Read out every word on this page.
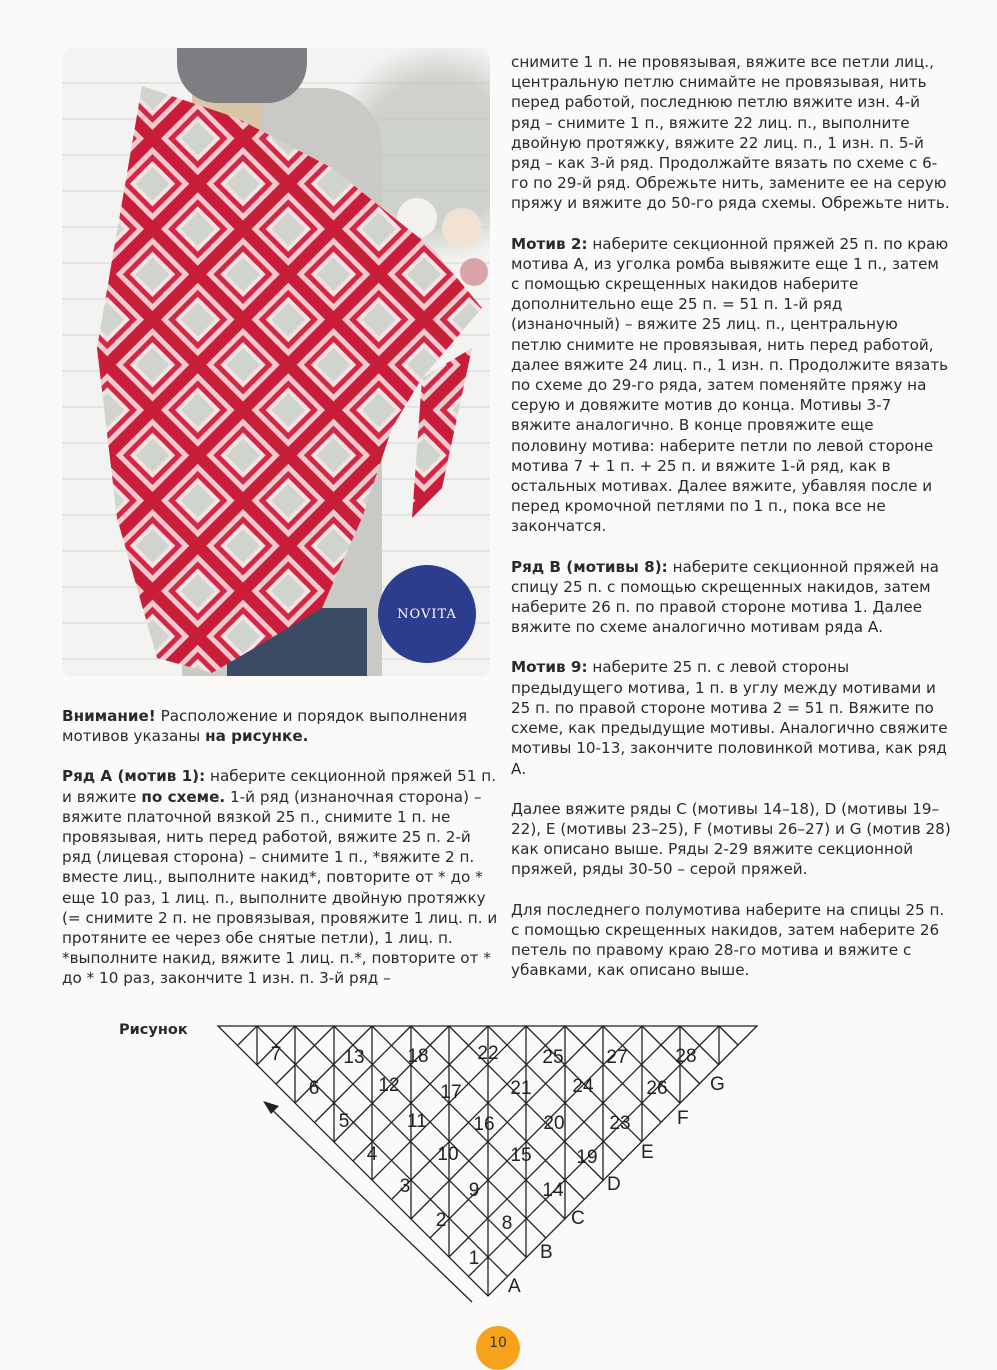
NOVITA

Внимание! Расположение и порядок выполнения мотивов указаны на рисунке.

Ряд А (мотив 1): наберите секционной пряжей 51 п. и вяжите по схеме. 1-й ряд (изнаночная сторона) – вяжите платочной вязкой 25 п., снимите 1 п. не провязывая, нить перед работой, вяжите 25 п. 2-й ряд (лицевая сторона) – снимите 1 п., *вяжите 2 п. вместе лиц., выполните накид*, повторите от * до * еще 10 раз, 1 лиц. п., выполните двойную протяжку (= снимите 2 п. не провязывая, провяжите 1 лиц. п. и протяните ее через обе снятые петли), 1 лиц. п. *выполните накид, вяжите 1 лиц. п.*, повторите от * до * 10 раз, закончите 1 изн. п. 3-й ряд –

снимите 1 п. не провязывая, вяжите все петли лиц., центральную петлю снимайте не провязывая, нить перед работой, последнюю петлю вяжите изн. 4-й ряд – снимите 1 п., вяжите 22 лиц. п., выполните двойную протяжку, вяжите 22 лиц. п., 1 изн. п. 5-й ряд – как 3-й ряд. Продолжайте вязать по схеме с 6-го по 29-й ряд. Обрежьте нить, замените ее на серую пряжу и вяжите до 50-го ряда схемы. Обрежьте нить.

Мотив 2: наберите секционной пряжей 25 п. по краю мотива А, из уголка ромба вывяжите еще 1 п., затем с помощью скрещенных накидов наберите дополнительно еще 25 п. = 51 п. 1-й ряд (изнаночный) – вяжите 25 лиц. п., центральную петлю снимите не провязывая, нить перед работой, далее вяжите 24 лиц. п., 1 изн. п. Продолжите вязать по схеме до 29-го ряда, затем поменяйте пряжу на серую и довяжите мотив до конца. Мотивы 3-7 вяжите аналогично. В конце провяжите еще половину мотива: наберите петли по левой стороне мотива 7 + 1 п. + 25 п. и вяжите 1-й ряд, как в остальных мотивах. Далее вяжите, убавляя после и перед кромочной петлями по 1 п., пока все не закончатся.

Ряд В (мотивы 8): наберите секционной пряжей на спицу 25 п. с помощью скрещенных накидов, затем наберите 26 п. по правой стороне мотива 1. Далее вяжите по схеме аналогично мотивам ряда А.

Мотив 9: наберите 25 п. с левой стороны предыдущего мотива, 1 п. в углу между мотивами и 25 п. по правой стороне мотива 2 = 51 п. Вяжите по схеме, как предыдущие мотивы. Аналогично свяжите мотивы 10-13, закончите половинкой мотива, как ряд А.

Далее вяжите ряды С (мотивы 14–18), D (мотивы 19–22), E (мотивы 23–25), F (мотивы 26–27) и G (мотив 28) как описано выше. Ряды 2-29 вяжите секционной пряжей, ряды 30-50 – серой пряжей.

Для последнего полумотива наберите на спицы 25 п. с помощью скрещенных накидов, затем наберите 26 петель по правому краю 28-го мотива и вяжите с убавками, как описано выше.

Рисунок
1
2
3
4
5
6
7
8
9
10
11
12
13
14
15
16
17
18
19
20
21
22
23
24
25
26
27	28
A
B
C
D
E
F
G
10
